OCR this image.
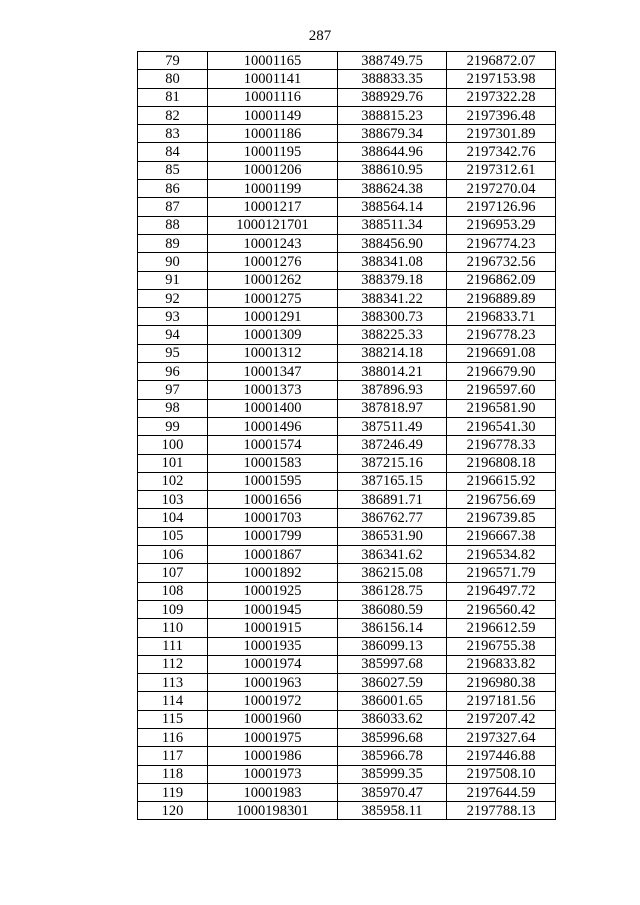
287
79	10001165	388749.75	2196872.07
80	10001141	388833.35	2197153.98
81	10001116	388929.76	2197322.28
82	10001149	388815.23	2197396.48
83	10001186	388679.34	2197301.89
84	10001195	388644.96	2197342.76
85	10001206	388610.95	2197312.61
86	10001199	388624.38	2197270.04
87	10001217	388564.14	2197126.96
88	1000121701	388511.34	2196953.29
89	10001243	388456.90	2196774.23
90	10001276	388341.08	2196732.56
91	10001262	388379.18	2196862.09
92	10001275	388341.22	2196889.89
93	10001291	388300.73	2196833.71
94	10001309	388225.33	2196778.23
95	10001312	388214.18	2196691.08
96	10001347	388014.21	2196679.90
97	10001373	387896.93	2196597.60
98	10001400	387818.97	2196581.90
99	10001496	387511.49	2196541.30
100	10001574	387246.49	2196778.33
101	10001583	387215.16	2196808.18
102	10001595	387165.15	2196615.92
103	10001656	386891.71	2196756.69
104	10001703	386762.77	2196739.85
105	10001799	386531.90	2196667.38
106	10001867	386341.62	2196534.82
107	10001892	386215.08	2196571.79
108	10001925	386128.75	2196497.72
109	10001945	386080.59	2196560.42
110	10001915	386156.14	2196612.59
111	10001935	386099.13	2196755.38
112	10001974	385997.68	2196833.82
113	10001963	386027.59	2196980.38
114	10001972	386001.65	2197181.56
115	10001960	386033.62	2197207.42
116	10001975	385996.68	2197327.64
117	10001986	385966.78	2197446.88
118	10001973	385999.35	2197508.10
119	10001983	385970.47	2197644.59
120	1000198301	385958.11	2197788.13
